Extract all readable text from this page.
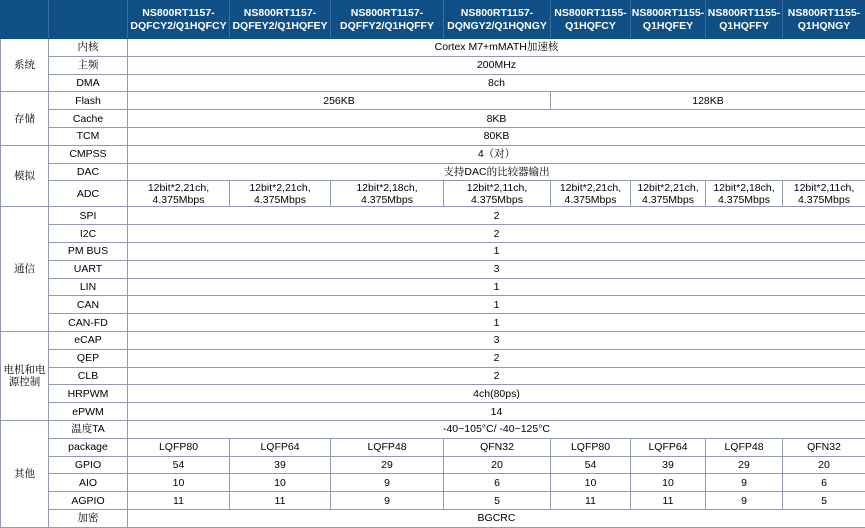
		NS800RT1157-DQFCY2/Q1HQFCY	NS800RT1157-DQFEY2/Q1HQFEY	NS800RT1157-DQFFY2/Q1HQFFY	NS800RT1157-DQNGY2/Q1HQNGY	NS800RT1155-Q1HQFCY	NS800RT1155-Q1HQFEY	NS800RT1155-Q1HQFFY	NS800RT1155-Q1HQNGY
系统	内核	Cortex M7+mMATH加速核							
	主频	200MHz							
	DMA	8ch							
存储	Flash	256KB				128KB			
	Cache	8KB							
	TCM	80KB							
模拟	CMPSS	4（对）							
	DAC	支持DAC的比较器输出							
	ADC	12bit*2,21ch, 4.375Mbps	12bit*2,21ch, 4.375Mbps	12bit*2,18ch, 4.375Mbps	12bit*2,11ch, 4.375Mbps	12bit*2,21ch, 4.375Mbps	12bit*2,21ch, 4.375Mbps	12bit*2,18ch, 4.375Mbps	12bit*2,11ch, 4.375Mbps
通信	SPI	2							
	I2C	2							
	PM BUS	1							
	UART	3							
	LIN	1							
	CAN	1							
	CAN-FD	1							
电机和电源控制	eCAP	3							
	QEP	2							
	CLB	2							
	HRPWM	4ch(80ps)							
	ePWM	14							
其他	温度TA	-40~105°C/ -40~125°C							
	package	LQFP80	LQFP64	LQFP48	QFN32	LQFP80	LQFP64	LQFP48	QFN32
	GPIO	54	39	29	20	54	39	29	20
	AIO	10	10	9	6	10	10	9	6
	AGPIO	11	11	9	5	11	11	9	5
	加密	BGCRC							
